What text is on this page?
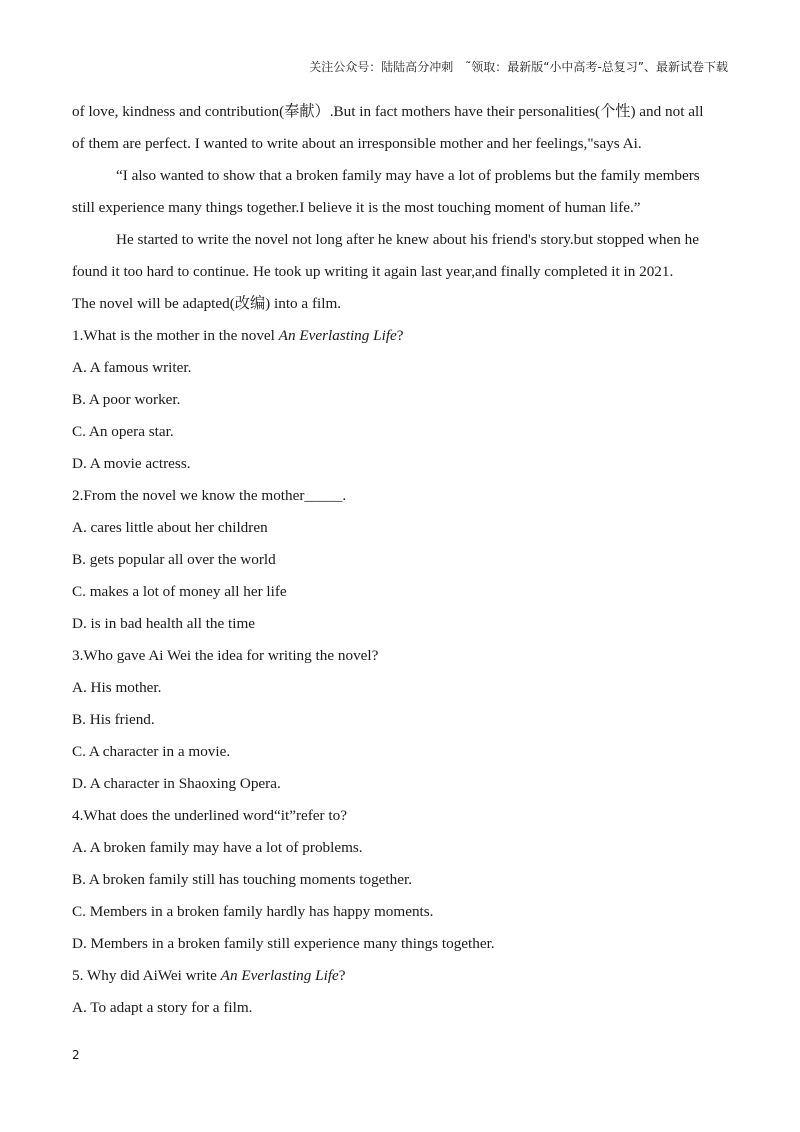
关注公众号：陆陆高分冲刺　˜领取：最新版“小中高考-总复习”、最新试卷下载

of love, kindness and contribution(奉献）.But in fact mothers have their personalities(个性) and not all

of them are perfect. I wanted to write about an irresponsible mother and her feelings,"says Ai.

“I also wanted to show that a broken family may have a lot of problems but the family members

still experience many things together.I believe it is the most touching moment of human life.”

He started to write the novel not long after he knew about his friend's story.but stopped when he

found it too hard to continue. He took up writing it again last year,and finally completed it in 2021.

The novel will be adapted(改编) into a film.

1.What is the mother in the novel An Everlasting Life?

A. A famous writer.

B. A poor worker.

C. An opera star.

D. A movie actress.

2.From the novel we know the mother_____.

A. cares little about her children

B. gets popular all over the world

C. makes a lot of money all her life

D. is in bad health all the time

3.Who gave Ai Wei the idea for writing the novel?

A. His mother.

B. His friend.

C. A character in a movie.

D. A character in Shaoxing Opera.

4.What does the underlined word“it”refer to?

A. A broken family may have a lot of problems.

B. A broken family still has touching moments together.

C. Members in a broken family hardly has happy moments.

D. Members in a broken family still experience many things together.

5. Why did AiWei write An Everlasting Life?

A. To adapt a story for a film.

2
